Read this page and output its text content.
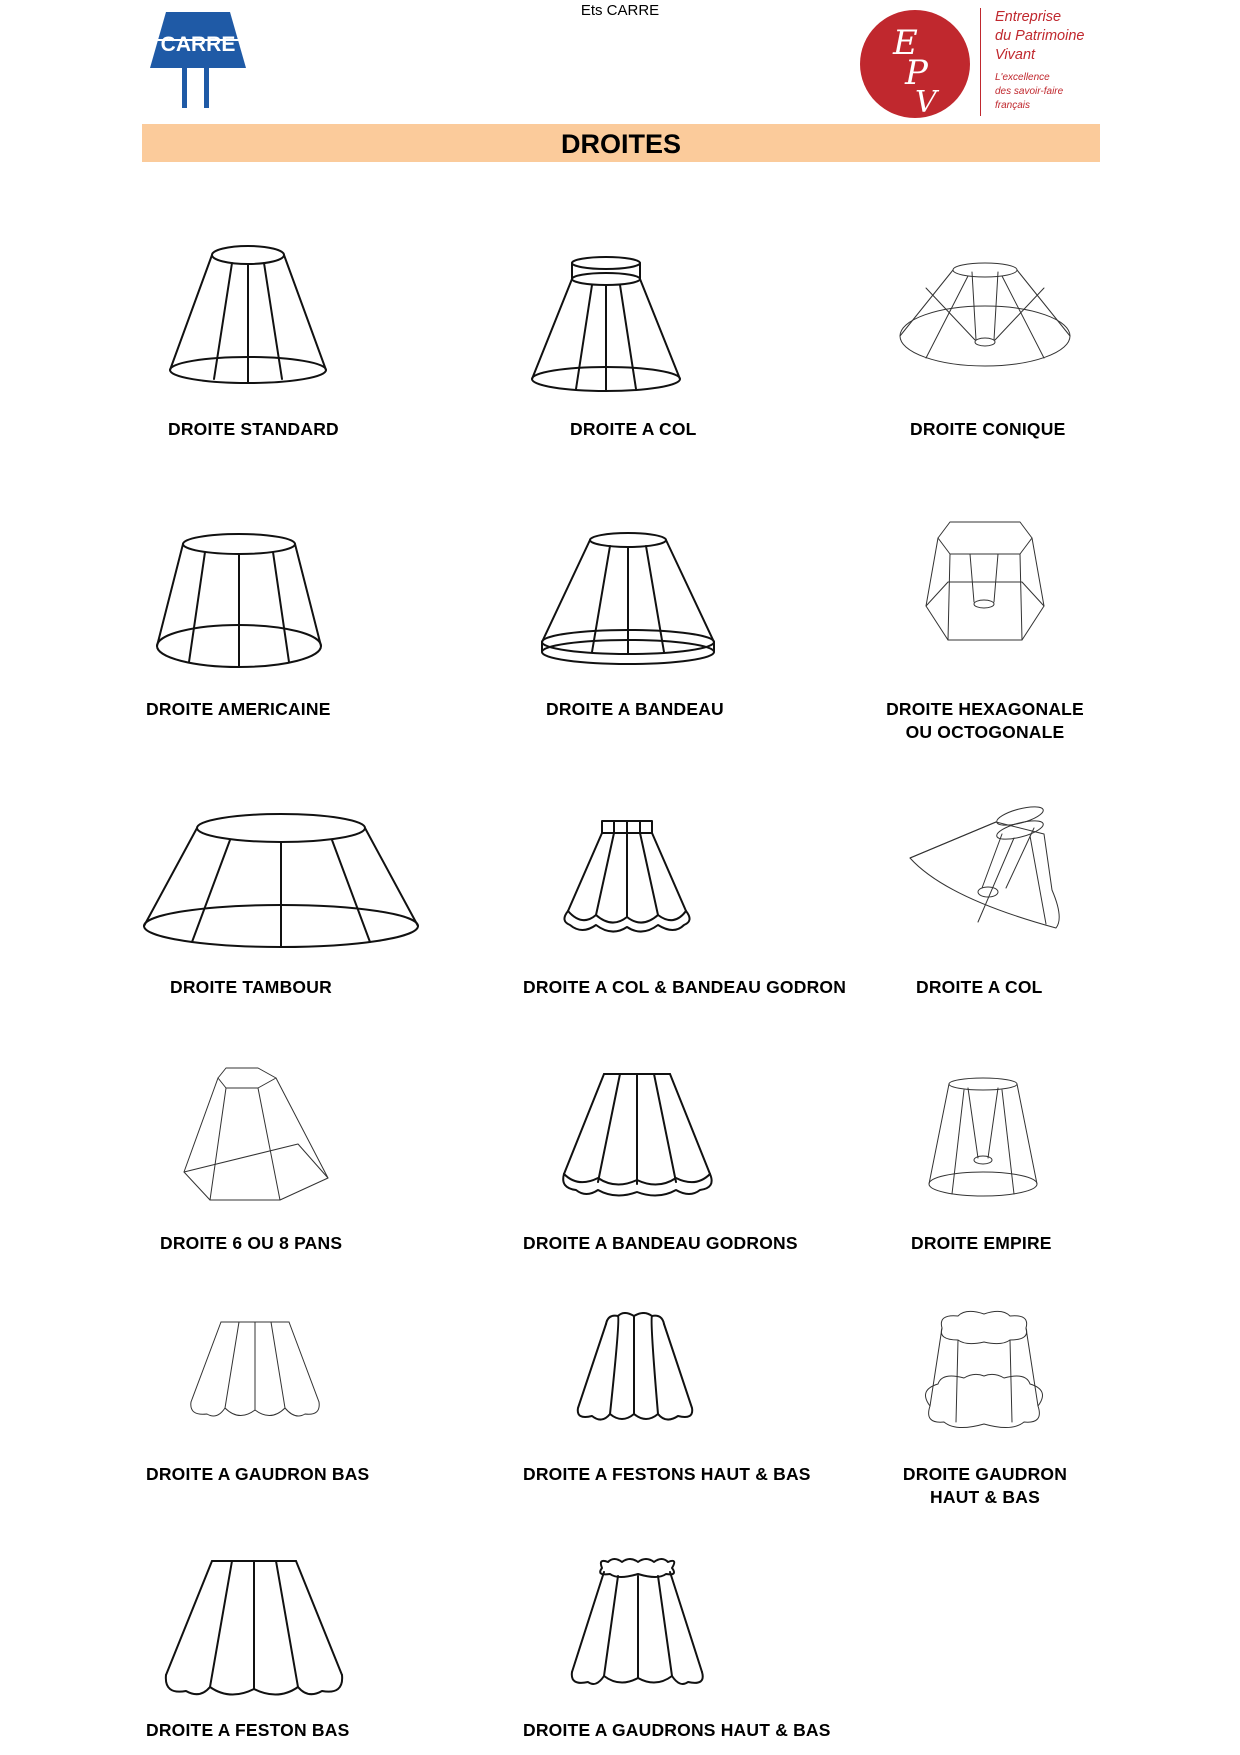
Ets CARRE
CARRE	E
P
V
Entreprise
du Patrimoine
Vivant
L'excellence
des savoir-faire
français
DROITES
DROITE STANDARD	DROITE A COL	DROITE CONIQUE
DROITE AMERICAINE	DROITE A BANDEAU	DROITE HEXAGONALE
OU OCTOGONALE
DROITE TAMBOUR	DROITE A COL & BANDEAU GODRON	DROITE A COL
DROITE 6 OU 8 PANS	DROITE A BANDEAU GODRONS	DROITE EMPIRE
DROITE A GAUDRON BAS	DROITE A FESTONS HAUT & BAS	DROITE GAUDRON
HAUT & BAS
DROITE A FESTON BAS	DROITE A GAUDRONS HAUT & BAS
